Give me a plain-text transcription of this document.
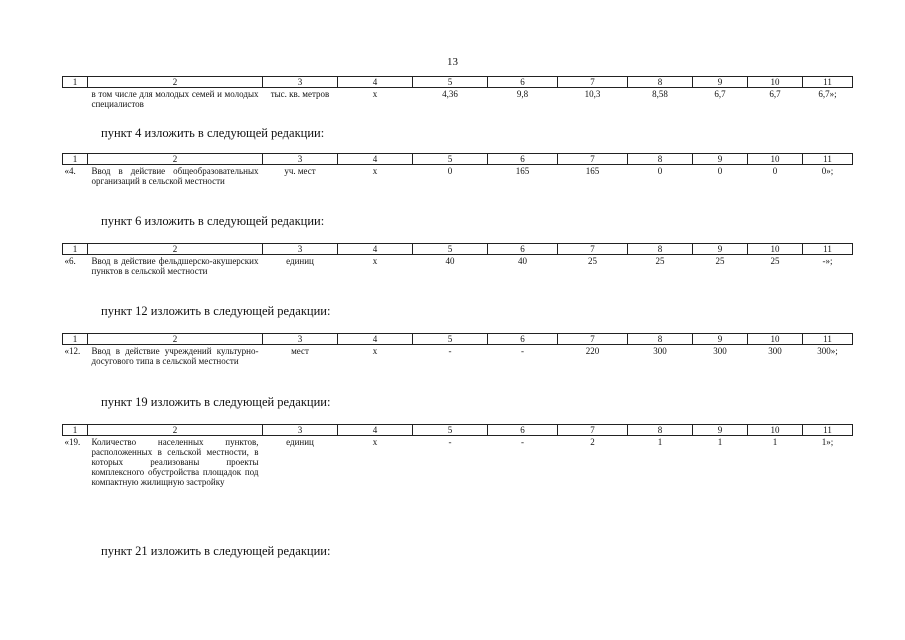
13
1	2	3	4	5	6	7	8	9	10	11
	в том числе для молодых семей и молодых специалистов	тыс. кв. метров	х	4,36	9,8	10,3	8,58	6,7	6,7	6,7»;
пункт 4 изложить в следующей редакции:
1	2	3	4	5	6	7	8	9	10	11
«4.	Ввод в действие общеобразовательных организаций в сельской местности	уч. мест	х	0	165	165	0	0	0	0»;
пункт 6 изложить в следующей редакции:
1	2	3	4	5	6	7	8	9	10	11
«6.	Ввод в действие фельдшерско-акушерских пунктов в сельской местности	единиц	х	40	40	25	25	25	25	-»;
пункт 12 изложить в следующей редакции:
1	2	3	4	5	6	7	8	9	10	11
«12.	Ввод в действие учреждений культурно-досугового типа в сельской местности	мест	х	-	-	220	300	300	300	300»;
пункт 19 изложить в следующей редакции:
1	2	3	4	5	6	7	8	9	10	11
«19.	Количество населенных пунктов, расположенных в сельской местности, в которых реализованы проекты комплексного обустройства площадок под компактную жилищную застройку	единиц	х	-	-	2	1	1	1	1»;
пункт 21 изложить в следующей редакции:
